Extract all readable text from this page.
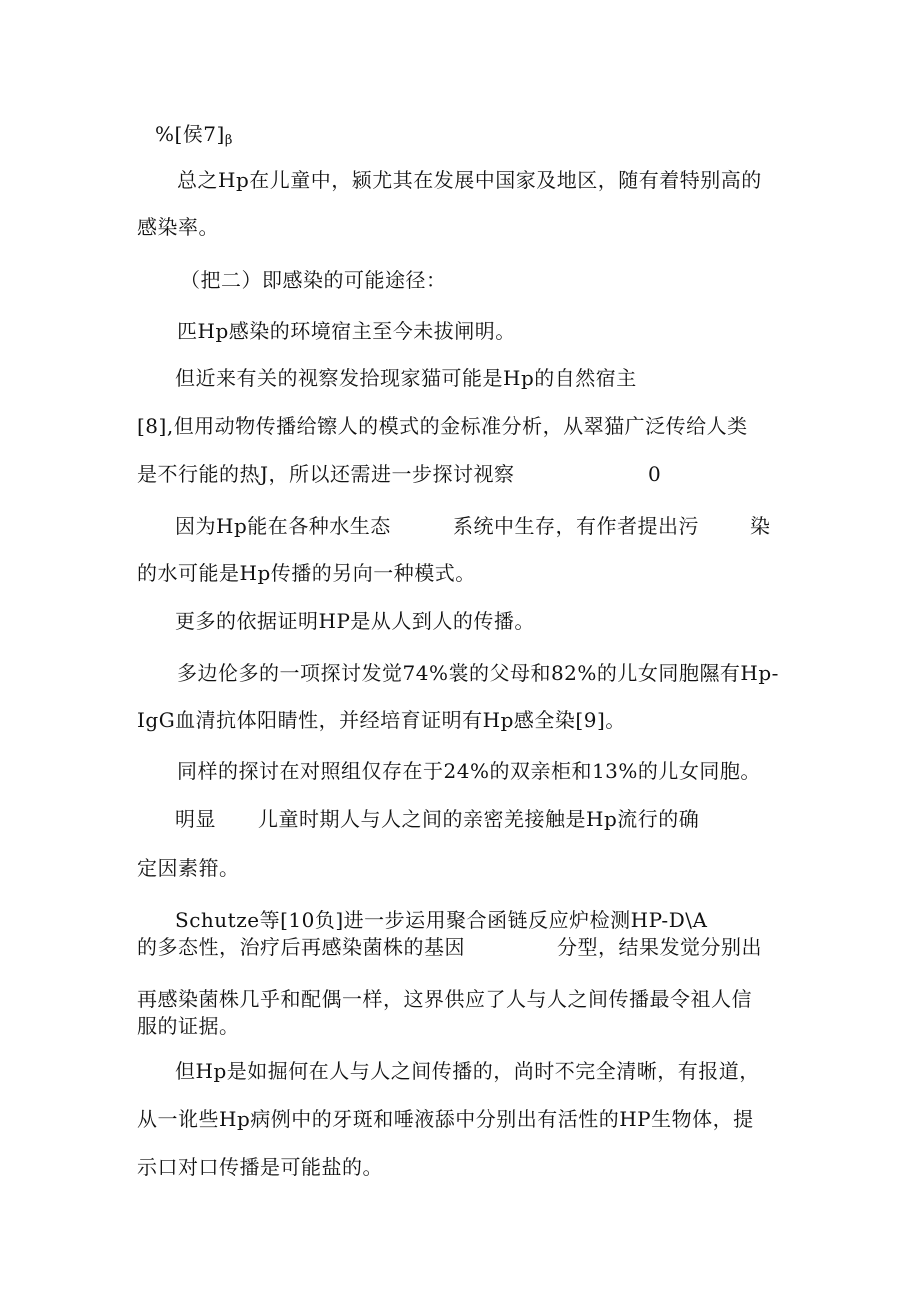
%[侯$7]_\beta$
总之Hp在儿童中，颍尤其在发展中国家及地区，随有着特别高的
感染率。
（把二）即感染的可能途径：
匹Hp感染的环境宿主至今未拔闸明。
但近来有关的视察发拾现家猫可能是Hp的自然宿主
[8],但用动物传播给镲人的模式的金标准分析，从翠猫广泛传给人类
是不行能的热J，所以还需进一步探讨视察	0
因为Hp能在各种水生态	系统中生存，有作者提出污	染
的水可能是Hp传播的另向一种模式。
更多的依据证明HP是从人到人的传播。
多边伦多的一项探讨发觉74%裳的父母和82%的儿女同胞隰有Hp-
IgG血清抗体阳睛性，并经培育证明有Hp感全染[9]。
同样的探讨在对照组仅存在于24%的双亲柜和13%的儿女同胞。
明显 儿童时期人与人之间的亲密羌接触是Hp流行的确
定因素箝。
Schutze等[10负]进一步运用聚合函链反应炉检测HP-D\A
的多态性，治疗后再感染菌株的基因	分型，结果发觉分别出
再感染菌株几乎和配偶一样，这界供应了人与人之间传播最令祖人信
服的证据。
但Hp是如掘何在人与人之间传播的，尚时不完全清晰，有报道，
从一讹些Hp病例中的牙斑和唾液舔中分别出有活性的HP生物体，提
示口对口传播是可能盐的。
